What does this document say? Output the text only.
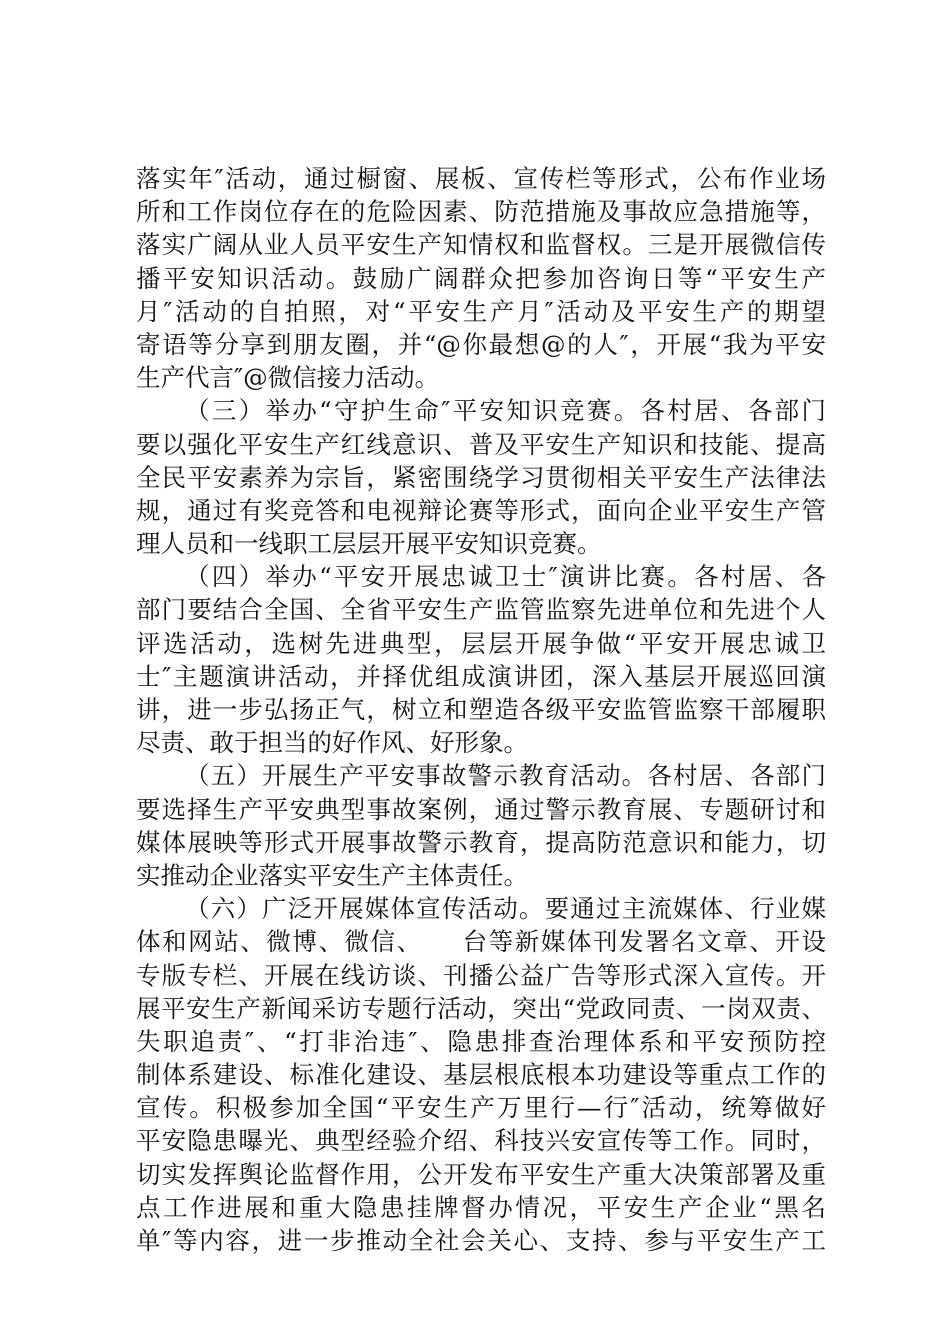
落实年″活动，通过橱窗、展板、宣传栏等形式，公布作业场
所和工作岗位存在的危险因素、防范措施及事故应急措施等，
落实广阔从业人员平安生产知情权和监督权。三是开展微信传
播平安知识活动。鼓励广阔群众把参加咨询日等“平安生产
月″活动的自拍照，对“平安生产月″活动及平安生产的期望
寄语等分享到朋友圈，并“@你最想@的人″，开展“我为平安
生产代言″@微信接力活动。
（三）举办“守护生命″平安知识竞赛。各村居、各部门
要以强化平安生产红线意识、普及平安生产知识和技能、提高
全民平安素养为宗旨，紧密围绕学习贯彻相关平安生产法律法
规，通过有奖竞答和电视辩论赛等形式，面向企业平安生产管
理人员和一线职工层层开展平安知识竞赛。
（四）举办“平安开展忠诚卫士″演讲比赛。各村居、各
部门要结合全国、全省平安生产监管监察先进单位和先进个人
评选活动，选树先进典型，层层开展争做“平安开展忠诚卫
士″主题演讲活动，并择优组成演讲团，深入基层开展巡回演
讲，进一步弘扬正气，树立和塑造各级平安监管监察干部履职
尽责、敢于担当的好作风、好形象。
（五）开展生产平安事故警示教育活动。各村居、各部门
要选择生产平安典型事故案例，通过警示教育展、专题研讨和
媒体展映等形式开展事故警示教育，提高防范意识和能力，切
实推动企业落实平安生产主体责任。
（六）广泛开展媒体宣传活动。要通过主流媒体、行业媒
体和网站、微博、微信、　　台等新媒体刊发署名文章、开设
专版专栏、开展在线访谈、刊播公益广告等形式深入宣传。开
展平安生产新闻采访专题行活动，突出“党政同责、一岗双责、
失职追责″、“打非治违″、隐患排查治理体系和平安预防控
制体系建设、标准化建设、基层根底根本功建设等重点工作的
宣传。积极参加全国“平安生产万里行—行″活动，统筹做好
平安隐患曝光、典型经验介绍、科技兴安宣传等工作。同时，
切实发挥舆论监督作用，公开发布平安生产重大决策部署及重
点工作进展和重大隐患挂牌督办情况，平安生产企业“黑名
单″等内容，进一步推动全社会关心、支持、参与平安生产工
